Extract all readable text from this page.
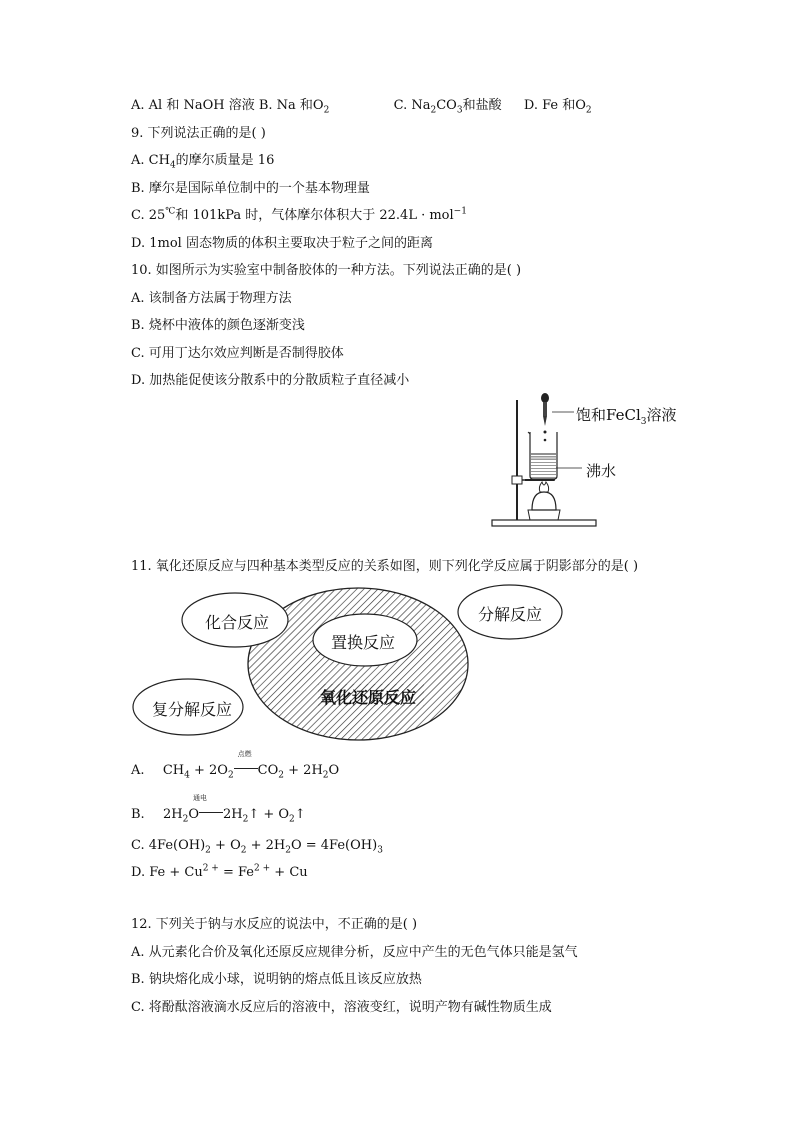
A. Al 和 NaOH 溶液 B. Na 和$O_2$	C. $Na_2CO_3$和盐酸 D. Fe 和$O_2$
9. 下列说法正确的是( )
A. $CH_4$的摩尔质量是 16
B. 摩尔是国际单位制中的一个基本物理量
C. 25℃和 101kPa 时，气体摩尔体积大于 22.4L · mol$^{-1}$
D. 1mol 固态物质的体积主要取决于粒子之间的距离
10. 如图所示为实验室中制备胶体的一种方法。下列说法正确的是( )
A. 该制备方法属于物理方法
B. 烧杯中液体的颜色逐渐变浅
C. 可用丁达尔效应判断是否制得胶体
D. 加热能促使该分散系中的分散质粒子直径减小
饱和FeCl$_3$溶液
沸水
11. 氧化还原反应与四种基本类型反应的关系如图，则下列化学反应属于阴影部分的是( )
化合反应	分解反应
置换反应
复分解反应
氧化还原反应
A. $CH_4 + 2O_2$
点燃
$CO_2 + 2H_2O$
B. $2H_2O$
通电
$2H_2↑$ + $O_2↑$
C. $4Fe(OH)_2 + O_2 + 2H_2O = 4Fe(OH)_3$
D. $Fe + Cu^{2 +} = Fe^{2 +} + Cu$
12. 下列关于钠与水反应的说法中，不正确的是( )
A. 从元素化合价及氧化还原反应规律分析，反应中产生的无色气体只能是氢气
B. 钠块熔化成小球，说明钠的熔点低且该反应放热
C. 将酚酞溶液滴水反应后的溶液中，溶液变红，说明产物有碱性物质生成
